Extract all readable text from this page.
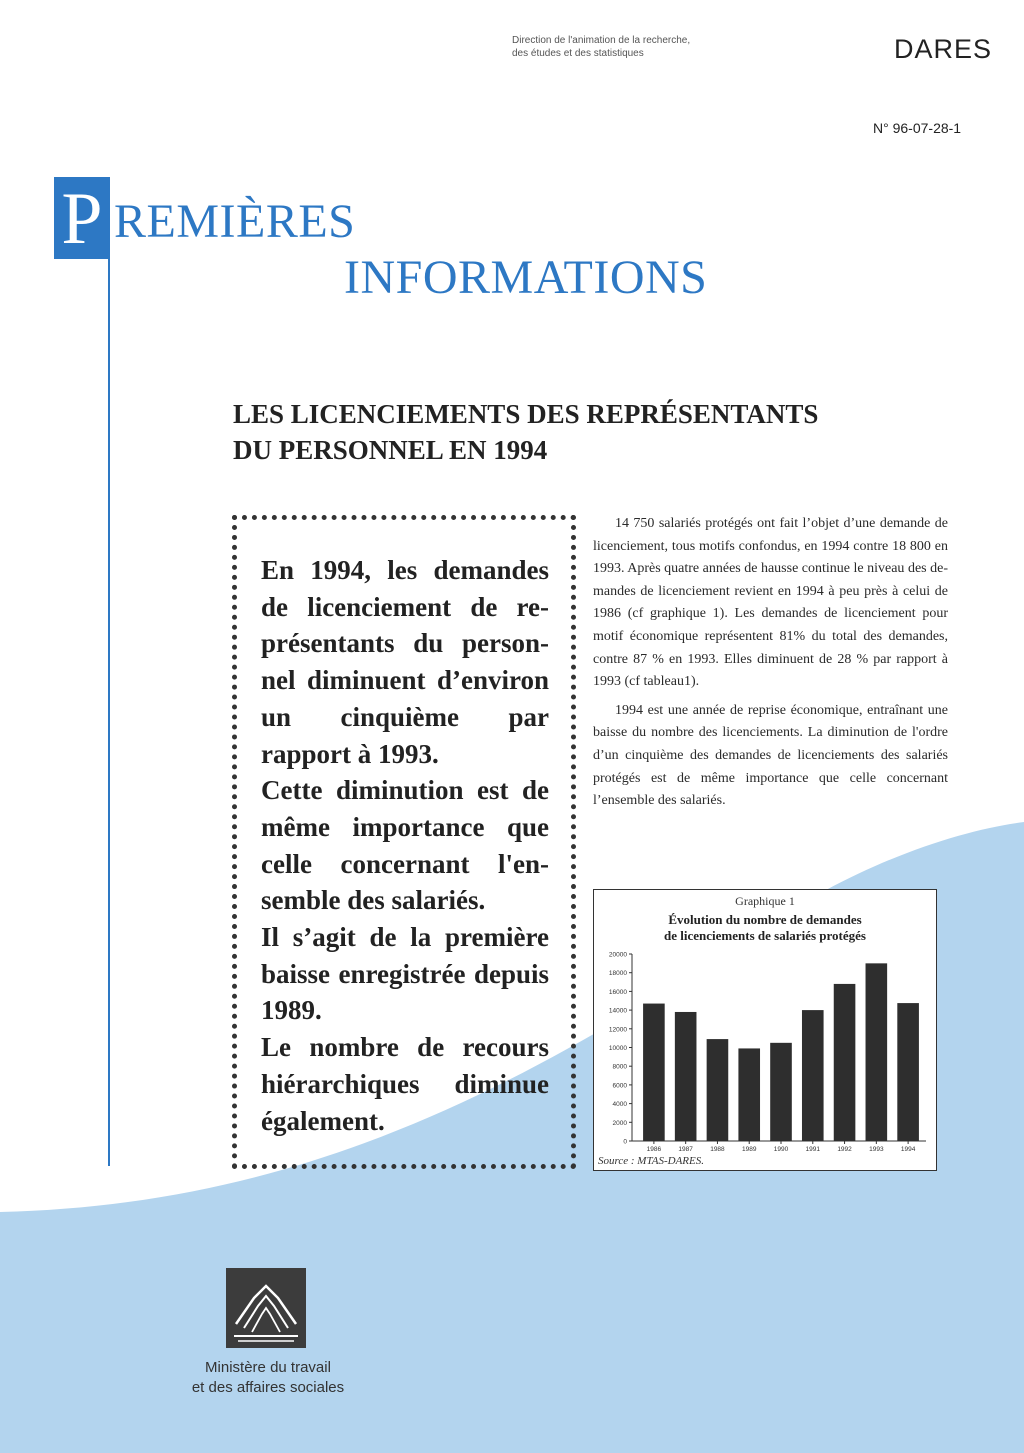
Direction de l'animation de la recherche,
des études et des statistiques	DARES
N° 96-07-28-1
P REMIÈRES
INFORMATIONS
LES LICENCIEMENTS DES REPRÉSENTANTS
DU PERSONNEL EN 1994

En 1994, les demandes de licenciement de représentants du personnel diminuent d’environ un cinquième par rapport à 1993.

Cette diminution est de même importance que celle concernant l'ensemble des salariés.

Il s’agit de la première baisse enregistrée depuis 1989.

Le nombre de recours hiérarchiques diminue également.

14 750 salariés protégés ont fait l’objet d’une demande de licenciement, tous motifs confondus, en 1994 contre 18 800 en 1993. Après quatre années de hausse continue le niveau des demandes de licenciement revient en 1994 à peu près à celui de 1986 (cf graphique 1). Les demandes de licenciement pour motif économique représentent 81% du total des demandes, contre 87 % en 1993. Elles diminuent de 28 % par rapport à 1993 (cf tableau1).

1994 est une année de reprise économique, entraînant une baisse du nombre des licenciements. La diminution de l'ordre d’un cinquième des demandes de licenciements des salariés protégés est de même importance que celle concernant l’ensemble des salariés.

Graphique 1
Évolution du nombre de demandes
de licenciements de salariés protégés
0
2000
4000
6000
8000
10000
12000
14000
16000
18000
20000
1986	1987	1988	1989	1990	1991	1992	1993	1994
Source : MTAS-DARES.
Ministère du travail
et des affaires sociales
